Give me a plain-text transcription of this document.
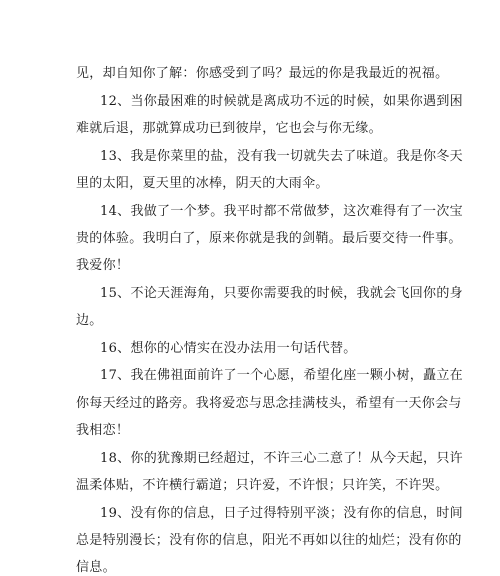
见，却自知你了解：你感受到了吗？最远的你是我最近的祝福。
12、当你最困难的时候就是离成功不远的时候，如果你遇到困
难就后退，那就算成功已到彼岸，它也会与你无缘。
13、我是你菜里的盐，没有我一切就失去了味道。我是你冬天
里的太阳，夏天里的冰棒，阴天的大雨伞。
14、我做了一个梦。我平时都不常做梦，这次难得有了一次宝
贵的体验。我明白了，原来你就是我的剑鞘。最后要交待一件事。
我爱你！
15、不论天涯海角，只要你需要我的时候，我就会飞回你的身
边。
16、想你的心情实在没办法用一句话代替。
17、我在佛祖面前许了一个心愿，希望化座一颗小树，矗立在
你每天经过的路旁。我将爱恋与思念挂满枝头，希望有一天你会与
我相恋！
18、你的犹豫期已经超过，不许三心二意了！从今天起，只许
温柔体贴，不许横行霸道；只许爱，不许恨；只许笑，不许哭。
19、没有你的信息，日子过得特别平淡；没有你的信息，时间
总是特别漫长；没有你的信息，阳光不再如以往的灿烂；没有你的
信息。
